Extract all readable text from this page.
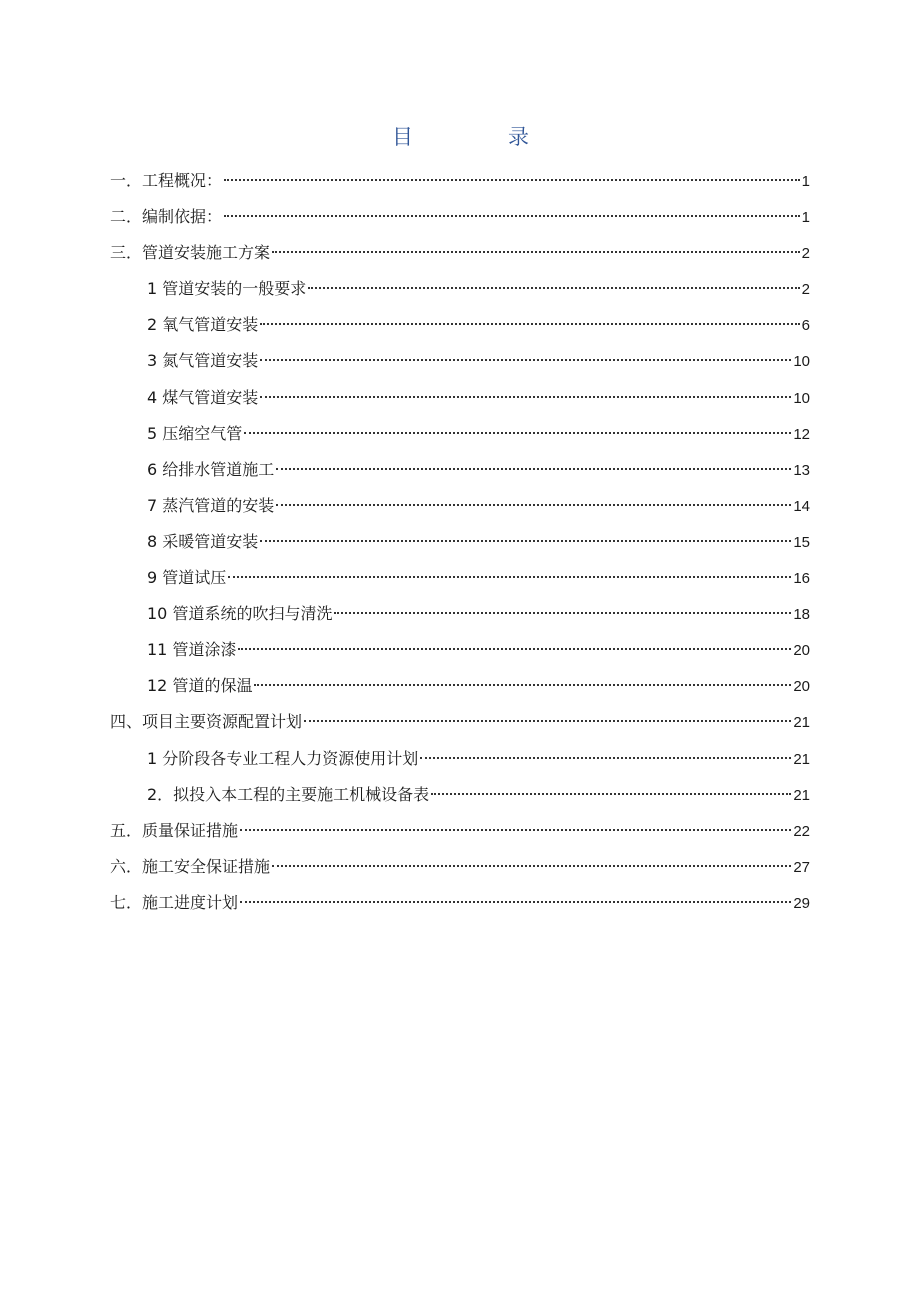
目	录
一．工程概况：	1
二．编制依据：	1
三．管道安装施工方案	2
1 管道安装的一般要求	2
2 氧气管道安装	6
3 氮气管道安装	10
4 煤气管道安装	10
5 压缩空气管	12
6 给排水管道施工	13
7 蒸汽管道的安装	14
8 采暖管道安装	15
9 管道试压	16
10 管道系统的吹扫与清洗	18
11 管道涂漆	20
12 管道的保温	20
四、项目主要资源配置计划	21
1 分阶段各专业工程人力资源使用计划	21
2．拟投入本工程的主要施工机械设备表	21
五．质量保证措施	22
六．施工安全保证措施	27
七．施工进度计划	29
